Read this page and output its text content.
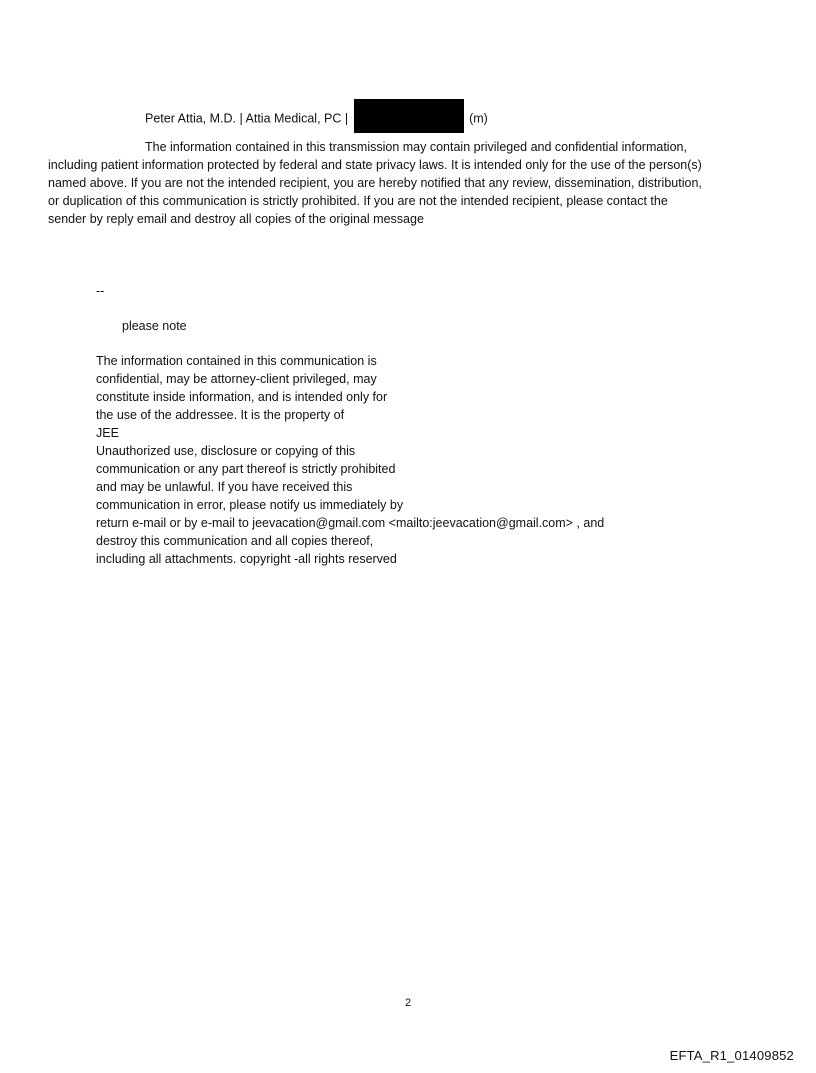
Peter Attia, M.D. | Attia Medical, PC |	(m)
The information contained in this transmission may contain privileged and confidential information,
including patient information protected by federal and state privacy laws. It is intended only for the use of the person(s)
named above. If you are not the intended recipient, you are hereby notified that any review, dissemination, distribution,
or duplication of this communication is strictly prohibited. If you are not the intended recipient, please contact the
sender by reply email and destroy all copies of the original message
--
please note
The information contained in this communication is
confidential, may be attorney-client privileged, may
constitute inside information, and is intended only for
the use of the addressee. It is the property of
JEE
Unauthorized use, disclosure or copying of this
communication or any part thereof is strictly prohibited
and may be unlawful. If you have received this
communication in error, please notify us immediately by
return e-mail or by e-mail to jeevacation@gmail.com <mailto:jeevacation@gmail.com> , and
destroy this communication and all copies thereof,
including all attachments. copyright -all rights reserved
2
EFTA_R1_01409852
